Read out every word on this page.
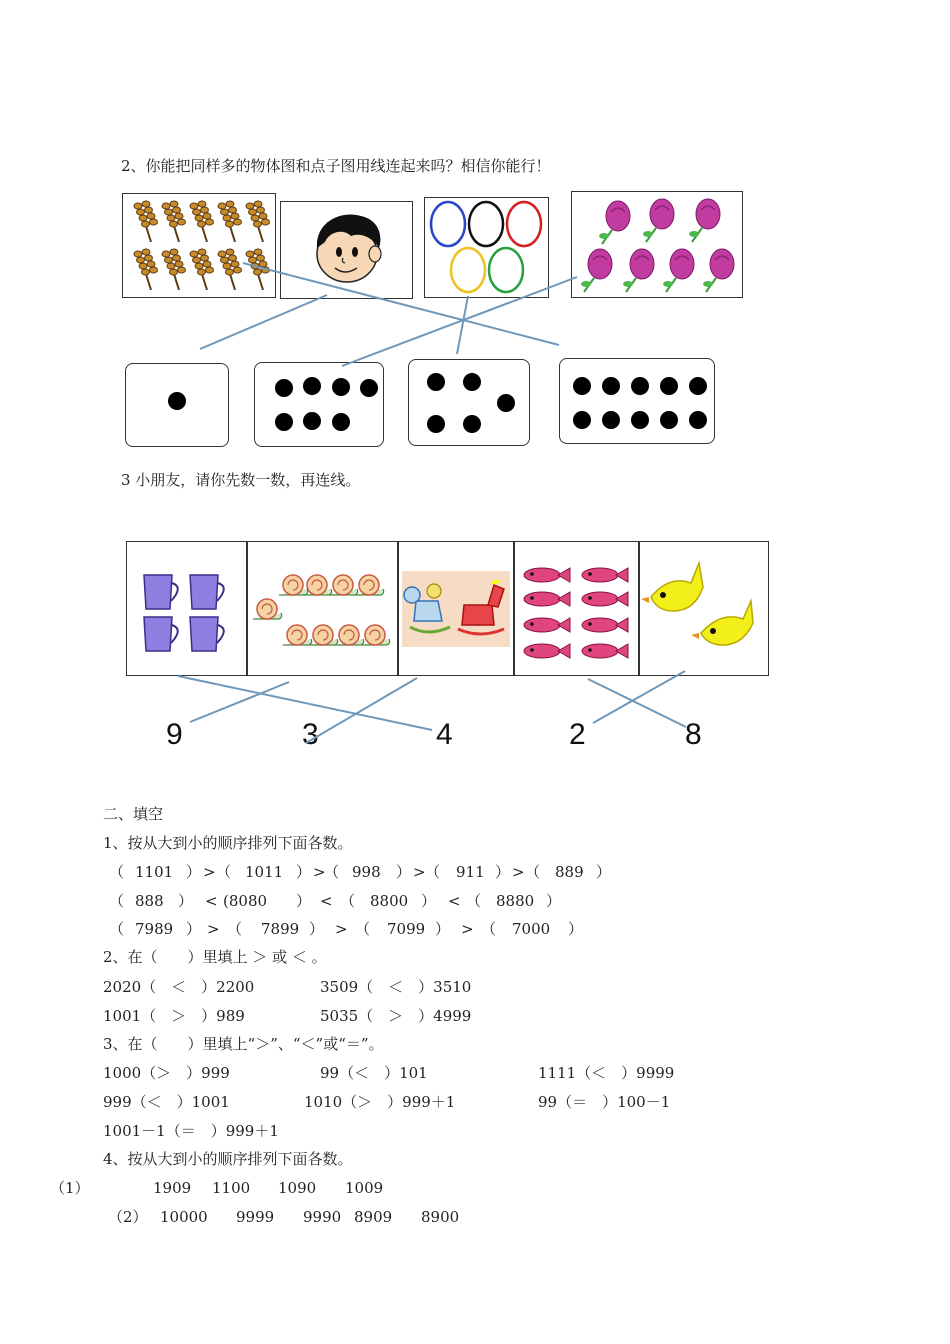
2、你能把同样多的物体图和点子图用线连起来吗？相信你能行！
3 小朋友，请你先数一数，再连线。
9	3	4	2	8
二、填空
1、按从大到小的顺序排列下面各数。
（ 1101 ） > （ 1011 ） >
（ 998 ） > （ 911 ） > （ 889 ）
（ 888 ） < (8080 ） < （ 8800 ） < （ 8880 ）
（ 7989 ） > （ 7899 ） > （ 7099 ） > （ 7000 ）
2、在（　　）里填上 ＞ 或 ＜ 。
2020（　＜　）2200	3509（　＜　）3510
1001（　＞　）989	5035（　＞　）4999
3、在（　　）里填上“＞”、“＜”或“＝”。
1000（＞　）999	99（＜　）101	1111（＜　）9999
999（＜　）1001	1010（＞　）999＋1	99（＝　）100－1
1001－1（＝　）999＋1
4、按从大到小的顺序排列下面各数。
（1）	1909 1100 1090 1009
（2） 10000 9999 9990 8909 8900
